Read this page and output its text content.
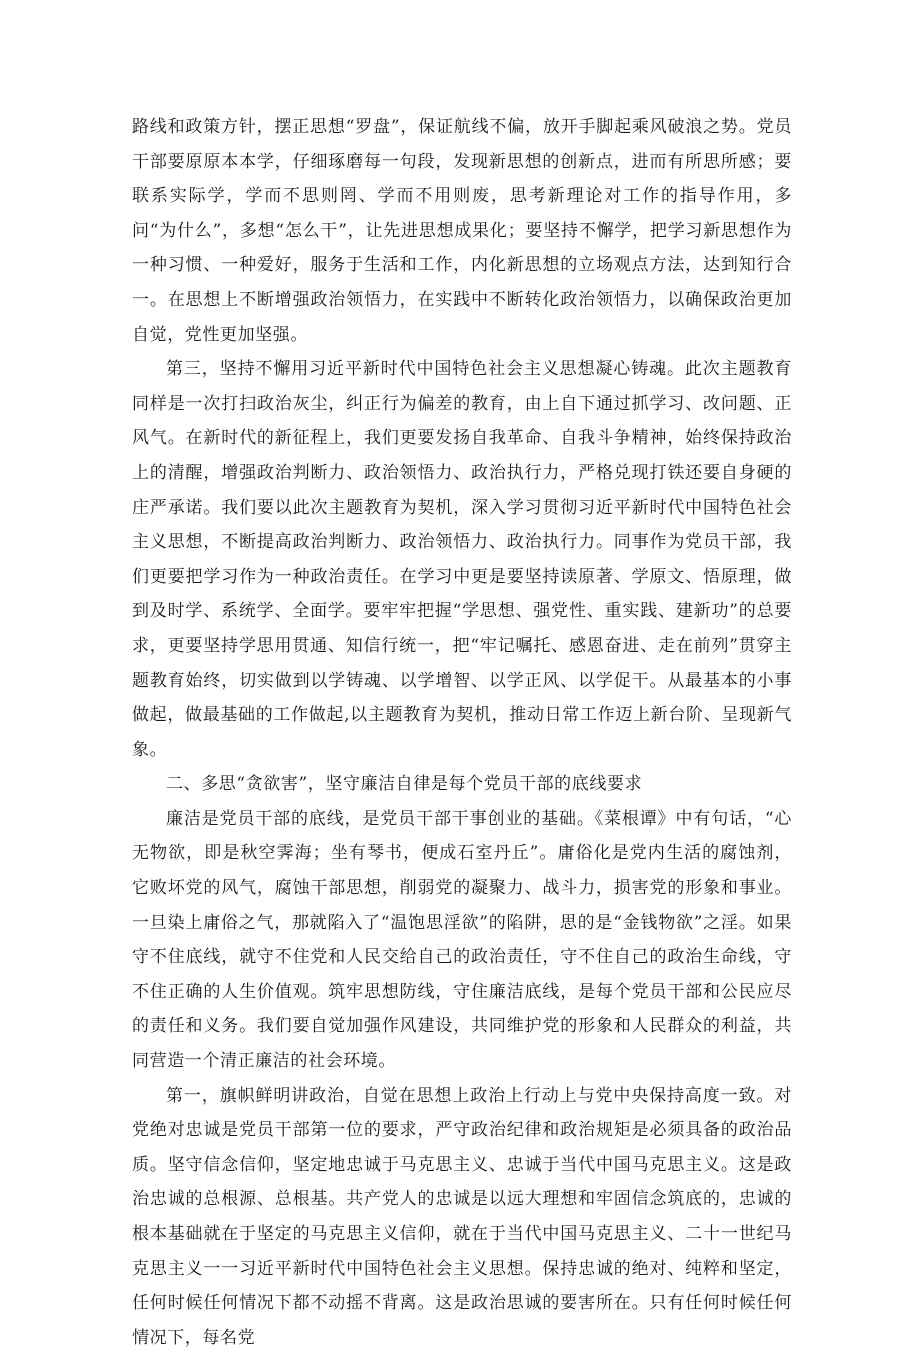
路线和政策方针，摆正思想“罗盘”，保证航线不偏，放开手脚起乘风破浪之势。党员干部要原原本本学，仔细琢磨每一句段，发现新思想的创新点，进而有所思所感；要联系实际学，学而不思则罔、学而不用则废，思考新理论对工作的指导作用，多问“为什么”，多想“怎么干”，让先进思想成果化；要坚持不懈学，把学习新思想作为一种习惯、一种爱好，服务于生活和工作，内化新思想的立场观点方法，达到知行合一。在思想上不断增强政治领悟力，在实践中不断转化政治领悟力，以确保政治更加自觉，党性更加坚强。

第三，坚持不懈用习近平新时代中国特色社会主义思想凝心铸魂。此次主题教育同样是一次打扫政治灰尘，纠正行为偏差的教育，由上自下通过抓学习、改问题、正风气。在新时代的新征程上，我们更要发扬自我革命、自我斗争精神，始终保持政治上的清醒，增强政治判断力、政治领悟力、政治执行力，严格兑现打铁还要自身硬的庄严承诺。我们要以此次主题教育为契机，深入学习贯彻习近平新时代中国特色社会主义思想，不断提高政治判断力、政治领悟力、政治执行力。同事作为党员干部，我们更要把学习作为一种政治责任。在学习中更是要坚持读原著、学原文、悟原理，做到及时学、系统学、全面学。要牢牢把握“学思想、强党性、重实践、建新功”的总要求，更要坚持学思用贯通、知信行统一，把“牢记嘱托、感恩奋进、走在前列”贯穿主题教育始终，切实做到以学铸魂、以学增智、以学正风、以学促干。从最基本的小事做起，做最基础的工作做起,以主题教育为契机，推动日常工作迈上新台阶、呈现新气象。

二、多思“贪欲害”，坚守廉洁自律是每个党员干部的底线要求

廉洁是党员干部的底线，是党员干部干事创业的基础。《菜根谭》中有句话，“心无物欲，即是秋空霁海；坐有琴书，便成石室丹丘”。庸俗化是党内生活的腐蚀剂，它败坏党的风气，腐蚀干部思想，削弱党的凝聚力、战斗力，损害党的形象和事业。一旦染上庸俗之气，那就陷入了“温饱思淫欲”的陷阱，思的是“金钱物欲”之淫。如果守不住底线，就守不住党和人民交给自己的政治责任，守不住自己的政治生命线，守不住正确的人生价值观。筑牢思想防线，守住廉洁底线，是每个党员干部和公民应尽的责任和义务。我们要自觉加强作风建设，共同维护党的形象和人民群众的利益，共同营造一个清正廉洁的社会环境。

第一，旗帜鲜明讲政治，自觉在思想上政治上行动上与党中央保持高度一致。对党绝对忠诚是党员干部第一位的要求，严守政治纪律和政治规矩是必须具备的政治品质。坚守信念信仰，坚定地忠诚于马克思主义、忠诚于当代中国马克思主义。这是政治忠诚的总根源、总根基。共产党人的忠诚是以远大理想和牢固信念筑底的，忠诚的根本基础就在于坚定的马克思主义信仰，就在于当代中国马克思主义、二十一世纪马克思主义一一习近平新时代中国特色社会主义思想。保持忠诚的绝对、纯粹和坚定，任何时候任何情况下都不动摇不背离。这是政治思诚的要害所在。只有任何时候任何情况下，每名党
